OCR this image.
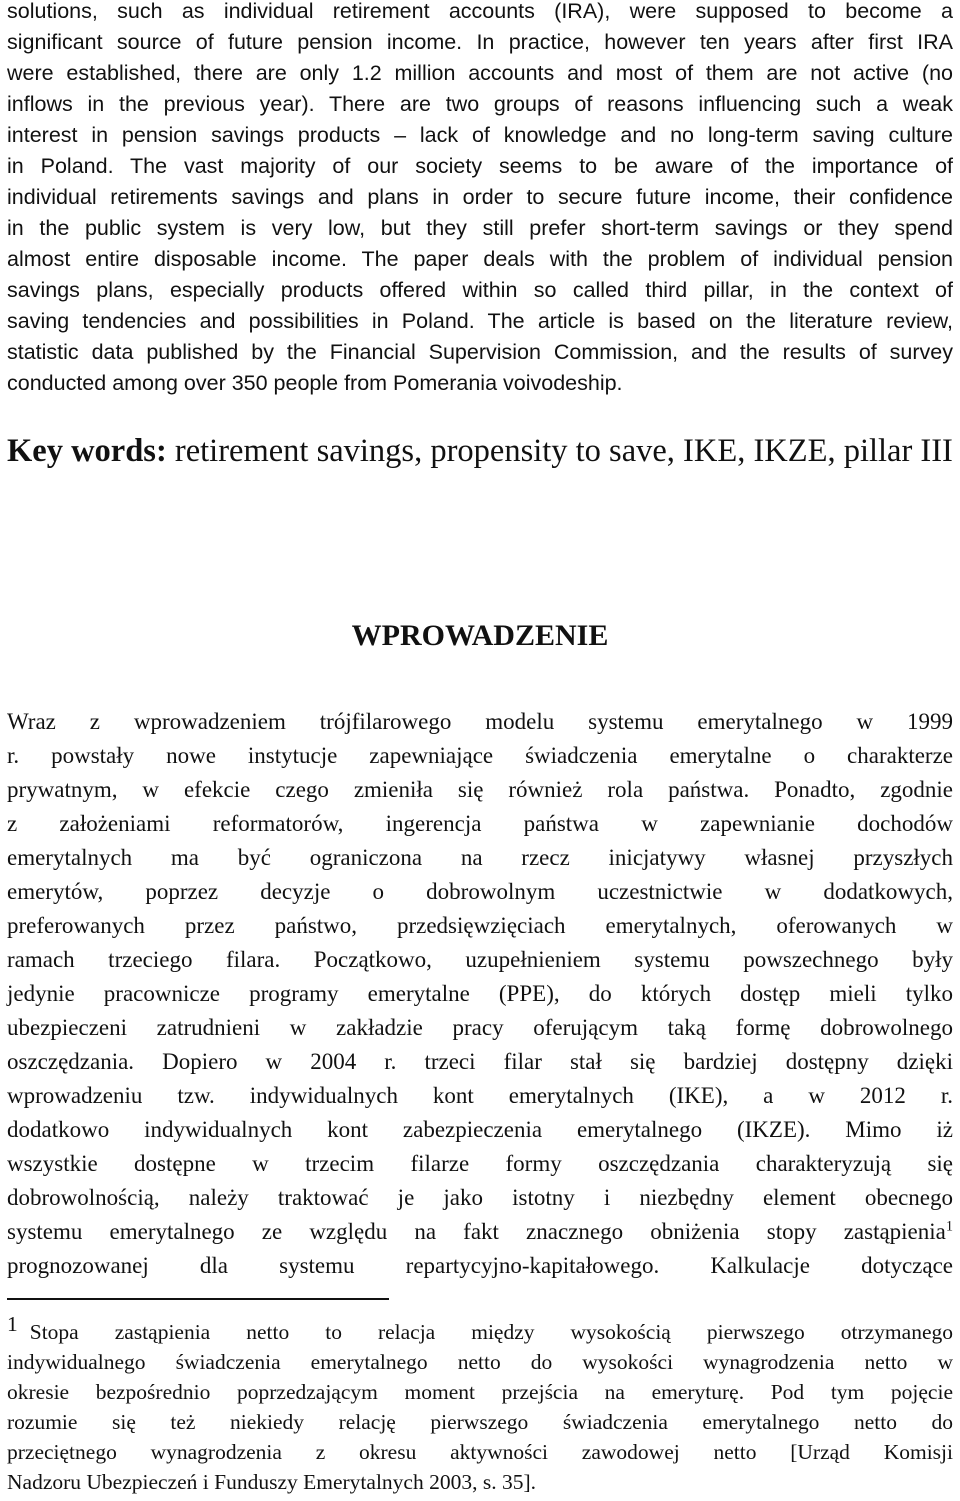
solutions, such as individual retirement accounts (IRA), were supposed to become a
significant source of future pension income. In practice, however ten years after first IRA
were established, there are only 1.2 million accounts and most of them are not active (no
inflows in the previous year). There are two groups of reasons influencing such a weak
interest in pension savings products – lack of knowledge and no long-term saving culture
in Poland. The vast majority of our society seems to be aware of the importance of
individual retirements savings and plans in order to secure future income, their confidence
in the public system is very low, but they still prefer short-term savings or they spend
almost entire disposable income. The paper deals with the problem of individual pension
savings plans, especially products offered within so called third pillar, in the context of
saving tendencies and possibilities in Poland. The article is based on the literature review,
statistic data published by the Financial Supervision Commission, and the results of survey
conducted among over 350 people from Pomerania voivodeship.
Key words: retirement savings, propensity to save, IKE, IKZE, pillar III
WPROWADZENIE
Wraz z wprowadzeniem trójfilarowego modelu systemu emerytalnego w 1999
r. powstały nowe instytucje zapewniające świadczenia emerytalne o charakterze
prywatnym, w efekcie czego zmieniła się również rola państwa. Ponadto, zgodnie
z założeniami reformatorów, ingerencja państwa w zapewnianie dochodów
emerytalnych ma być ograniczona na rzecz inicjatywy własnej przyszłych
emerytów, poprzez decyzje o dobrowolnym uczestnictwie w dodatkowych,
preferowanych przez państwo, przedsięwzięciach emerytalnych, oferowanych w
ramach trzeciego filara. Początkowo, uzupełnieniem systemu powszechnego były
jedynie pracownicze programy emerytalne (PPE), do których dostęp mieli tylko
ubezpieczeni zatrudnieni w zakładzie pracy oferującym taką formę dobrowolnego
oszczędzania. Dopiero w 2004 r. trzeci filar stał się bardziej dostępny dzięki
wprowadzeniu tzw. indywidualnych kont emerytalnych (IKE), a w 2012 r.
dodatkowo indywidualnych kont zabezpieczenia emerytalnego (IKZE). Mimo iż
wszystkie dostępne w trzecim filarze formy oszczędzania charakteryzują się
dobrowolnością, należy traktować je jako istotny i niezbędny element obecnego
systemu emerytalnego ze względu na fakt znacznego obniżenia stopy zastąpienia$^1$
prognozowanej dla systemu repartycyjno-kapitałowego. Kalkulacje dotyczące
$^1$ Stopa zastąpienia netto to relacja między wysokością pierwszego otrzymanego
indywidualnego świadczenia emerytalnego netto do wysokości wynagrodzenia netto w
okresie bezpośrednio poprzedzającym moment przejścia na emeryturę. Pod tym pojęcie
rozumie się też niekiedy relację pierwszego świadczenia emerytalnego netto do
przeciętnego wynagrodzenia z okresu aktywności zawodowej netto [Urząd Komisji
Nadzoru Ubezpieczeń i Funduszy Emerytalnych 2003, s. 35].
